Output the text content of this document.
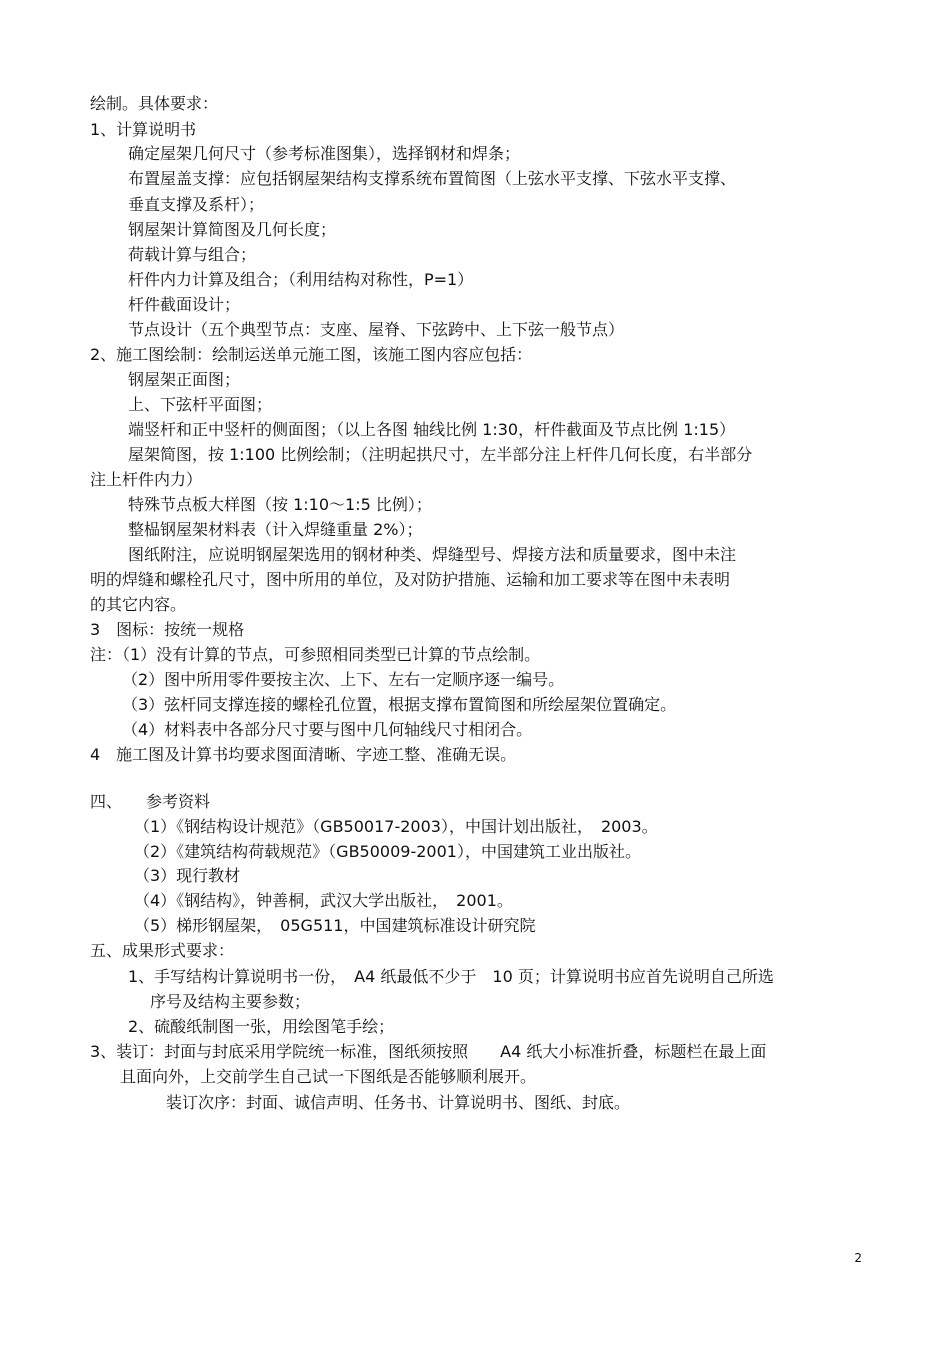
绘制。具体要求：
1、计算说明书
确定屋架几何尺寸（参考标准图集），选择钢材和焊条；
布置屋盖支撑：应包括钢屋架结构支撑系统布置简图（上弦水平支撑、下弦水平支撑、
垂直支撑及系杆）；
钢屋架计算简图及几何长度；
荷载计算与组合；
杆件内力计算及组合；（利用结构对称性，P=1）
杆件截面设计；
节点设计（五个典型节点：支座、屋脊、下弦跨中、上下弦一般节点）
2、施工图绘制：绘制运送单元施工图，该施工图内容应包括：
钢屋架正面图；
上、下弦杆平面图；
端竖杆和正中竖杆的侧面图；（以上各图 轴线比例 1:30，杆件截面及节点比例 1:15）
屋架简图，按 1:100 比例绘制；（注明起拱尺寸，左半部分注上杆件几何长度，右半部分
注上杆件内力）
特殊节点板大样图（按 1:10～1:5 比例）；
整榀钢屋架材料表（计入焊缝重量 2%）；
图纸附注，应说明钢屋架选用的钢材种类、焊缝型号、焊接方法和质量要求，图中未注
明的焊缝和螺栓孔尺寸，图中所用的单位，及对防护措施、运输和加工要求等在图中未表明
的其它内容。
3　图标：按统一规格
注：（1）没有计算的节点，可参照相同类型已计算的节点绘制。
（2）图中所用零件要按主次、上下、左右一定顺序逐一编号。
（3）弦杆同支撑连接的螺栓孔位置，根据支撑布置简图和所绘屋架位置确定。
（4）材料表中各部分尺寸要与图中几何轴线尺寸相闭合。
4　施工图及计算书均要求图面清晰、字迹工整、准确无误。
四、　　参考资料
（1）《钢结构设计规范》（GB50017-2003），中国计划出版社，　2003。
（2）《建筑结构荷载规范》（GB50009-2001），中国建筑工业出版社。
（3）现行教材
（4）《钢结构》，钟善桐，武汉大学出版社，　2001。
（5）梯形钢屋架，　05G511，中国建筑标准设计研究院
五、成果形式要求：
1、手写结构计算说明书一份，　A4 纸最低不少于　10 页；计算说明书应首先说明自己所选
序号及结构主要参数；
2、硫酸纸制图一张，用绘图笔手绘；
3、装订：封面与封底采用学院统一标准，图纸须按照　　A4 纸大小标准折叠，标题栏在最上面
且面向外，上交前学生自己试一下图纸是否能够顺利展开。
装订次序：封面、诚信声明、任务书、计算说明书、图纸、封底。
2
